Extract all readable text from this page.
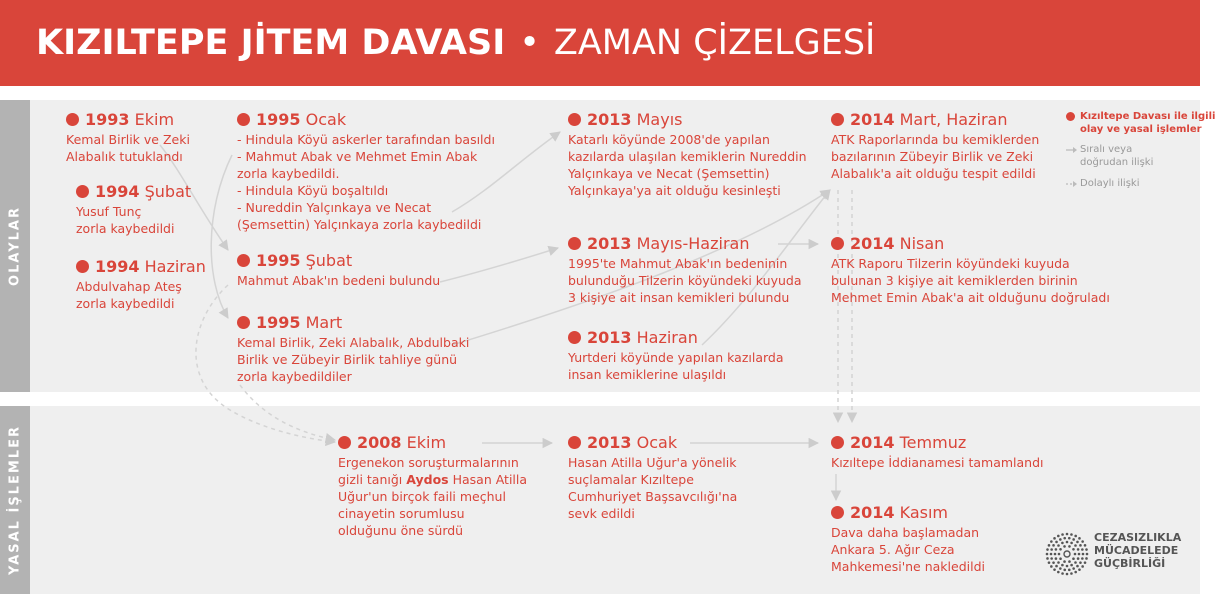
KIZILTEPE JİTEM DAVASI • ZAMAN ÇİZELGESİ
OLAYLAR
YASAL İŞLEMLER
1993 Ekim
Kemal Birlik ve Zeki
Alabalık tutuklandı
1994 Şubat
Yusuf Tunç
zorla kaybedildi
1994 Haziran
Abdulvahap Ateş
zorla kaybedildi
1995 Ocak
- Hindula Köyü askerler tarafından basıldı
- Mahmut Abak ve Mehmet Emin Abak
zorla kaybedildi.
- Hindula Köyü boşaltıldı
- Nureddin Yalçınkaya ve Necat
(Şemsettin) Yalçınkaya zorla kaybedildi
1995 Şubat
Mahmut Abak'ın bedeni bulundu
1995 Mart
Kemal Birlik, Zeki Alabalık, Abdulbaki
Birlik ve Zübeyir Birlik tahliye günü
zorla kaybedildiler
2013 Mayıs
Katarlı köyünde 2008'de yapılan
kazılarda ulaşılan kemiklerin Nureddin
Yalçınkaya ve Necat (Şemsettin)
Yalçınkaya'ya ait olduğu kesinleşti
2013 Mayıs-Haziran
1995'te Mahmut Abak'ın bedeninin
bulunduğu Tilzerin köyündeki kuyuda
3 kişiye ait insan kemikleri bulundu
2013 Haziran
Yurtderi köyünde yapılan kazılarda
insan kemiklerine ulaşıldı
2014 Mart, Haziran
ATK Raporlarında bu kemiklerden
bazılarının Zübeyir Birlik ve Zeki
Alabalık'a ait olduğu tespit edildi
2014 Nisan
ATK Raporu Tilzerin köyündeki kuyuda
bulunan 3 kişiye ait kemiklerden birinin
Mehmet Emin Abak'a ait olduğunu doğruladı
2008 Ekim
Ergenekon soruşturmalarının
gizli tanığı Aydos Hasan Atilla
Uğur'un birçok faili meçhul
cinayetin sorumlusu
olduğunu öne sürdü
2013 Ocak
Hasan Atilla Uğur'a yönelik
suçlamalar Kızıltepe
Cumhuriyet Başsavcılığı'na
sevk edildi
2014 Temmuz
Kızıltepe İddianamesi tamamlandı
2014 Kasım
Dava daha başlamadan
Ankara 5. Ağır Ceza
Mahkemesi'ne nakledildi
Kızıltepe Davası ile ilgili
olay ve yasal işlemler
Sıralı veya
doğrudan ilişki
Dolaylı ilişki
CEZASIZLIKLA
MÜCADELEDE
GÜÇBİRLİĞİ
